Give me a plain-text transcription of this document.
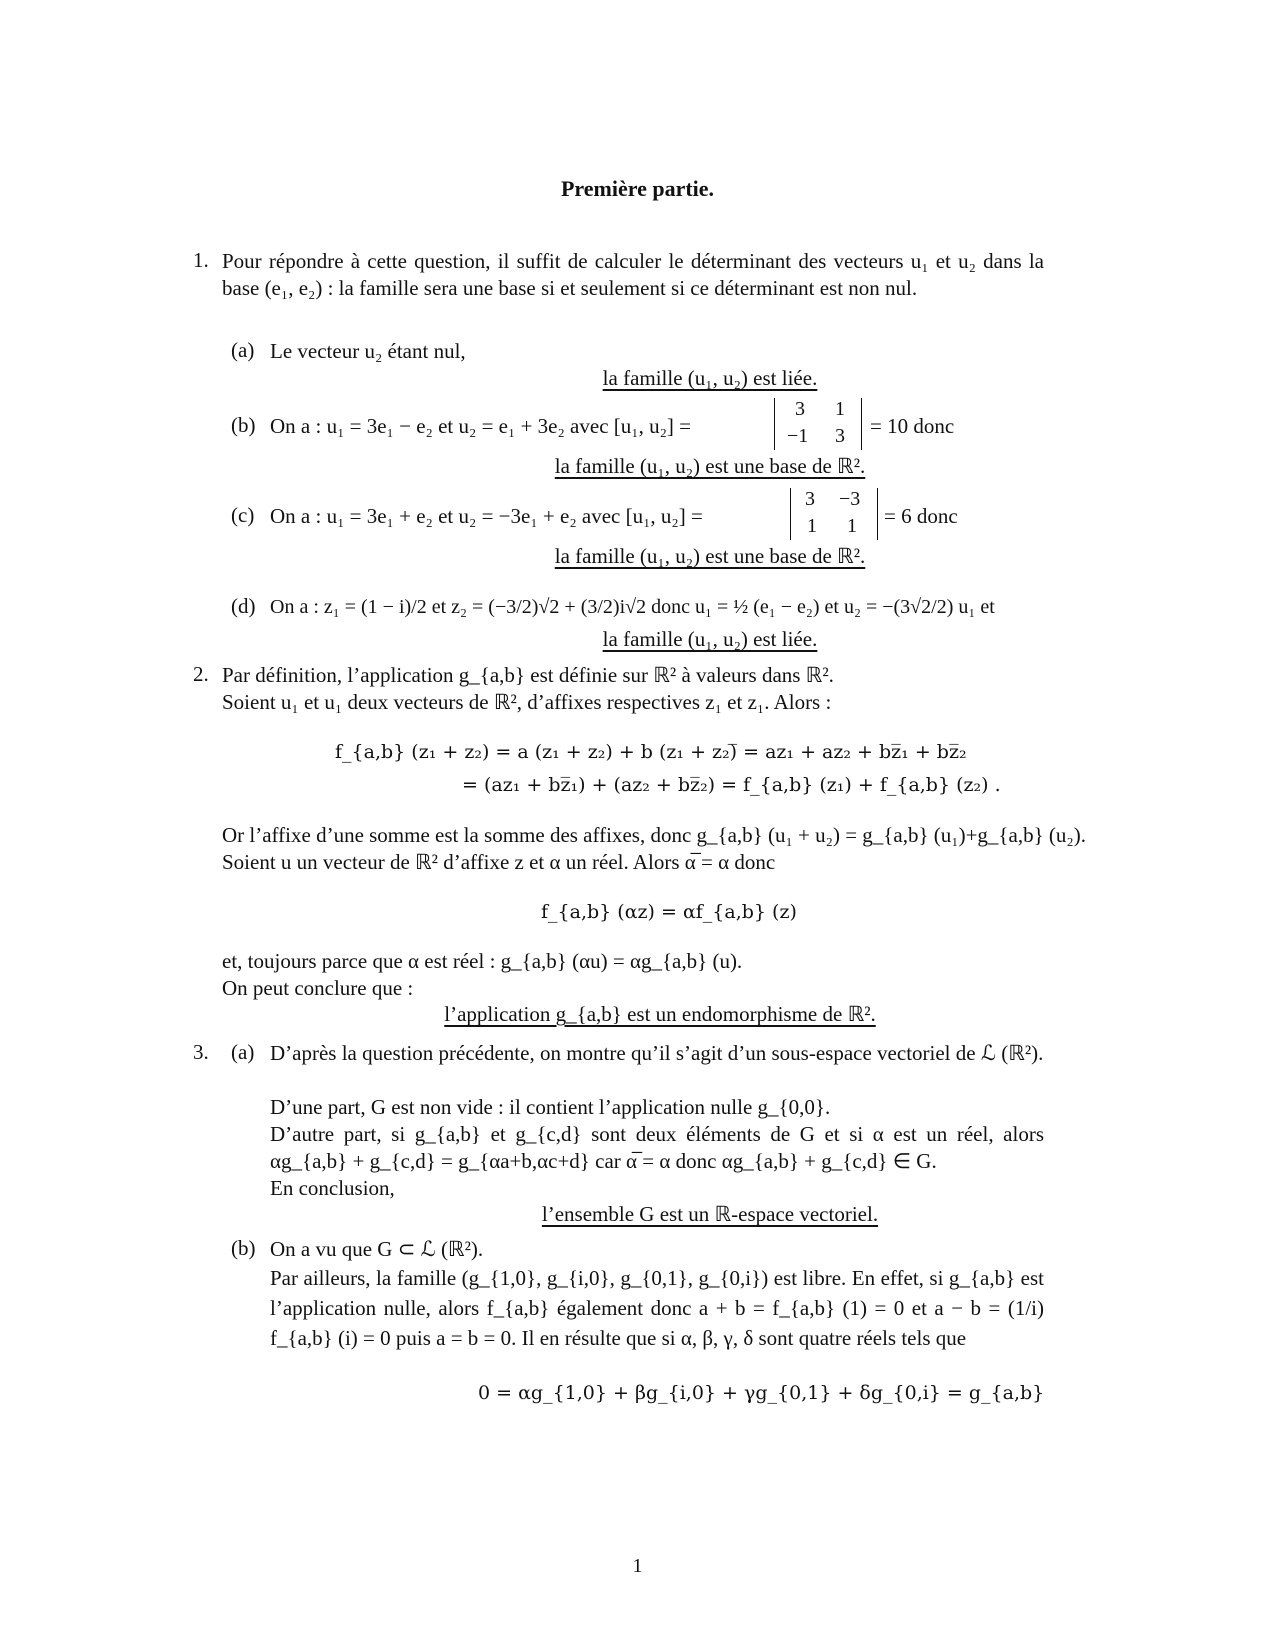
Première partie.
1. Pour répondre à cette question, il suffit de calculer le déterminant des vecteurs u₁ et u₂ dans la base (e₁, e₂) : la famille sera une base si et seulement si ce déterminant est non nul.
(a) Le vecteur u₂ étant nul,
la famille (u₁, u₂) est liée.
(b) On a : u₁ = 3e₁ − e₂ et u₂ = e₁ + 3e₂ avec [u₁, u₂] =
3 1
−1 3 = 10 donc
la famille (u₁, u₂) est une base de ℝ².
(c) On a : u₁ = 3e₁ + e₂ et u₂ = −3e₁ + e₂ avec [u₁, u₂] =
3 −3
1 1 = 6 donc
la famille (u₁, u₂) est une base de ℝ².
(d) On a : z₁ = (1 − i)/2 et z₂ = (−3/2)√2 + (3/2)i√2 donc u₁ = ½ (e₁ − e₂) et u₂ = −(3√2/2) u₁ et
la famille (u₁, u₂) est liée.
2. Par définition, l’application g_{a,b} est définie sur ℝ² à valeurs dans ℝ².
Soient u₁ et u₁ deux vecteurs de ℝ², d’affixes respectives z₁ et z₁. Alors :
f_{a,b} (z₁ + z₂) = a (z₁ + z₂) + b (z₁ + z₂)̅ = az₁ + az₂ + bz̅₁ + bz̅₂
= (az₁ + bz̅₁) + (az₂ + bz̅₂) = f_{a,b} (z₁) + f_{a,b} (z₂) .
Or l’affixe d’une somme est la somme des affixes, donc g_{a,b} (u₁ + u₂) = g_{a,b} (u₁)+g_{a,b} (u₂).
Soient u un vecteur de ℝ² d’affixe z et α un réel. Alors α̅ = α donc
f_{a,b} (αz) = αf_{a,b} (z)
et, toujours parce que α est réel : g_{a,b} (αu) = αg_{a,b} (u).
On peut conclure que :
l’application g_{a,b} est un endomorphisme de ℝ².
3. (a) D’après la question précédente, on montre qu’il s’agit d’un sous-espace vectoriel de ℒ (ℝ²).
D’une part, G est non vide : il contient l’application nulle g_{0,0}.
D’autre part, si g_{a,b} et g_{c,d} sont deux éléments de G et si α est un réel, alors αg_{a,b} + g_{c,d} = g_{αa+b,αc+d} car α̅ = α donc αg_{a,b} + g_{c,d} ∈ G.
En conclusion,
l’ensemble G est un ℝ-espace vectoriel.
(b) On a vu que G ⊂ ℒ (ℝ²).
Par ailleurs, la famille (g_{1,0}, g_{i,0}, g_{0,1}, g_{0,i}) est libre. En effet, si g_{a,b} est l’application nulle, alors f_{a,b} également donc a + b = f_{a,b} (1) = 0 et a − b = (1/i) f_{a,b} (i) = 0 puis a = b = 0. Il en résulte que si α, β, γ, δ sont quatre réels tels que
0 = αg_{1,0} + βg_{i,0} + γg_{0,1} + δg_{0,i} = g_{a,b}
1
